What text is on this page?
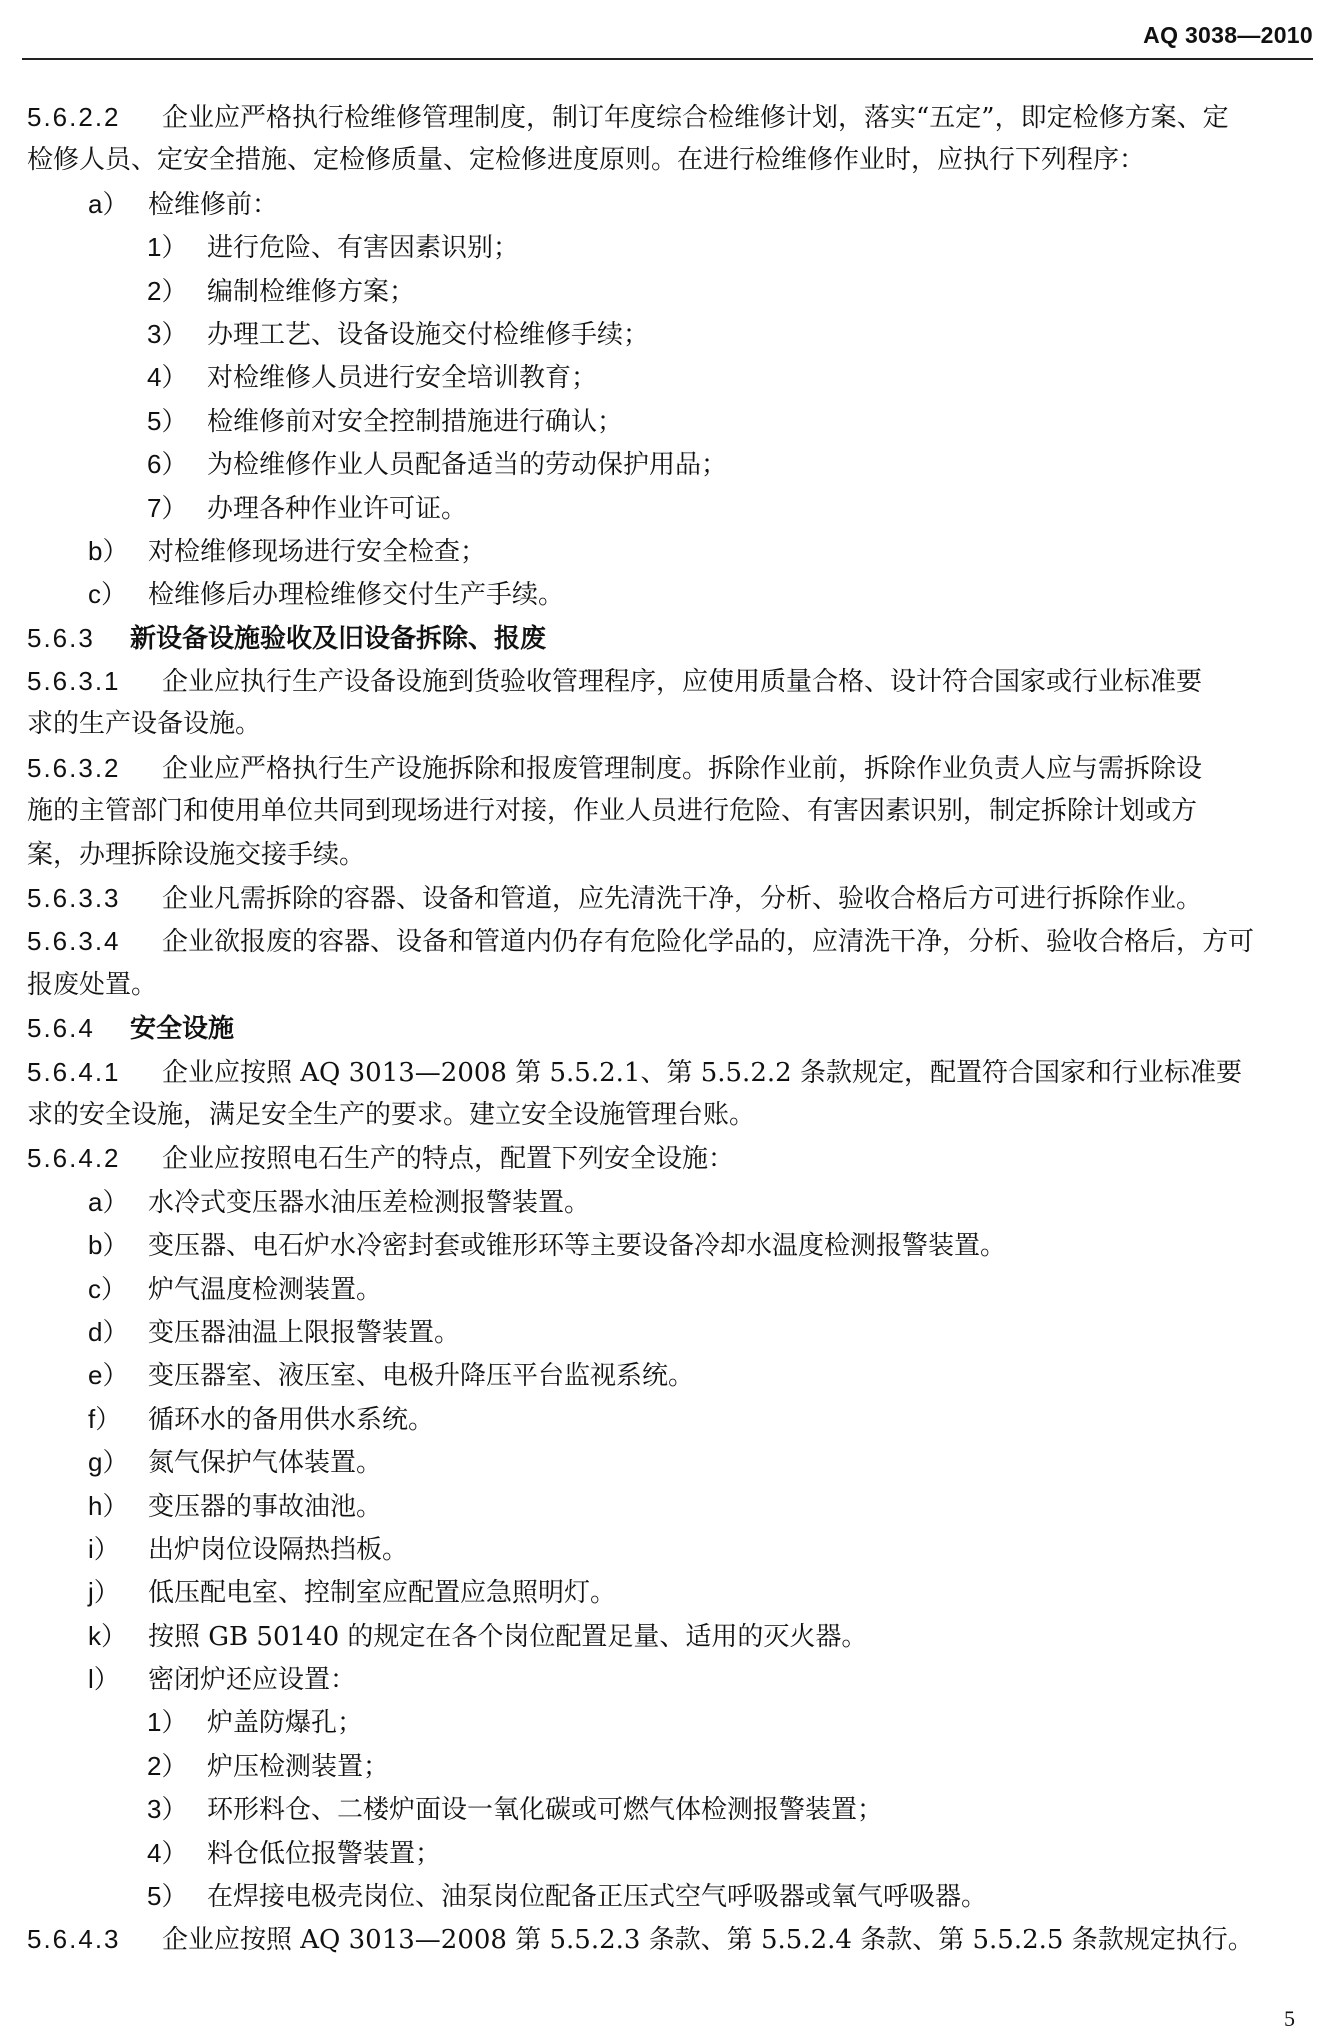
AQ 3038—2010
5.6.2.2 企业应严格执行检维修管理制度，制订年度综合检维修计划，落实“五定”，即定检修方案、定
检修人员、定安全措施、定检修质量、定检修进度原则。在进行检维修作业时，应执行下列程序：
a） 检维修前：
1） 进行危险、有害因素识别；
2） 编制检维修方案；
3） 办理工艺、设备设施交付检维修手续；
4） 对检维修人员进行安全培训教育；
5） 检维修前对安全控制措施进行确认；
6） 为检维修作业人员配备适当的劳动保护用品；
7） 办理各种作业许可证。
b） 对检维修现场进行安全检查；
c） 检维修后办理检维修交付生产手续。
5.6.3 新设备设施验收及旧设备拆除、报废
5.6.3.1 企业应执行生产设备设施到货验收管理程序，应使用质量合格、设计符合国家或行业标准要
求的生产设备设施。
5.6.3.2 企业应严格执行生产设施拆除和报废管理制度。拆除作业前，拆除作业负责人应与需拆除设
施的主管部门和使用单位共同到现场进行对接，作业人员进行危险、有害因素识别，制定拆除计划或方
案，办理拆除设施交接手续。
5.6.3.3 企业凡需拆除的容器、设备和管道，应先清洗干净，分析、验收合格后方可进行拆除作业。
5.6.3.4 企业欲报废的容器、设备和管道内仍存有危险化学品的，应清洗干净，分析、验收合格后，方可
报废处置。
5.6.4 安全设施
5.6.4.1 企业应按照 AQ 3013—2008 第 5.5.2.1、第 5.5.2.2 条款规定，配置符合国家和行业标准要
求的安全设施，满足安全生产的要求。建立安全设施管理台账。
5.6.4.2 企业应按照电石生产的特点，配置下列安全设施：
a） 水冷式变压器水油压差检测报警装置。
b） 变压器、电石炉水冷密封套或锥形环等主要设备冷却水温度检测报警装置。
c） 炉气温度检测装置。
d） 变压器油温上限报警装置。
e） 变压器室、液压室、电极升降压平台监视系统。
f） 循环水的备用供水系统。
g） 氮气保护气体装置。
h） 变压器的事故油池。
i） 出炉岗位设隔热挡板。
j） 低压配电室、控制室应配置应急照明灯。
k） 按照 GB 50140 的规定在各个岗位配置足量、适用的灭火器。
l） 密闭炉还应设置：
1） 炉盖防爆孔；
2） 炉压检测装置；
3） 环形料仓、二楼炉面设一氧化碳或可燃气体检测报警装置；
4） 料仓低位报警装置；
5） 在焊接电极壳岗位、油泵岗位配备正压式空气呼吸器或氧气呼吸器。
5.6.4.3 企业应按照 AQ 3013—2008 第 5.5.2.3 条款、第 5.5.2.4 条款、第 5.5.2.5 条款规定执行。
5
